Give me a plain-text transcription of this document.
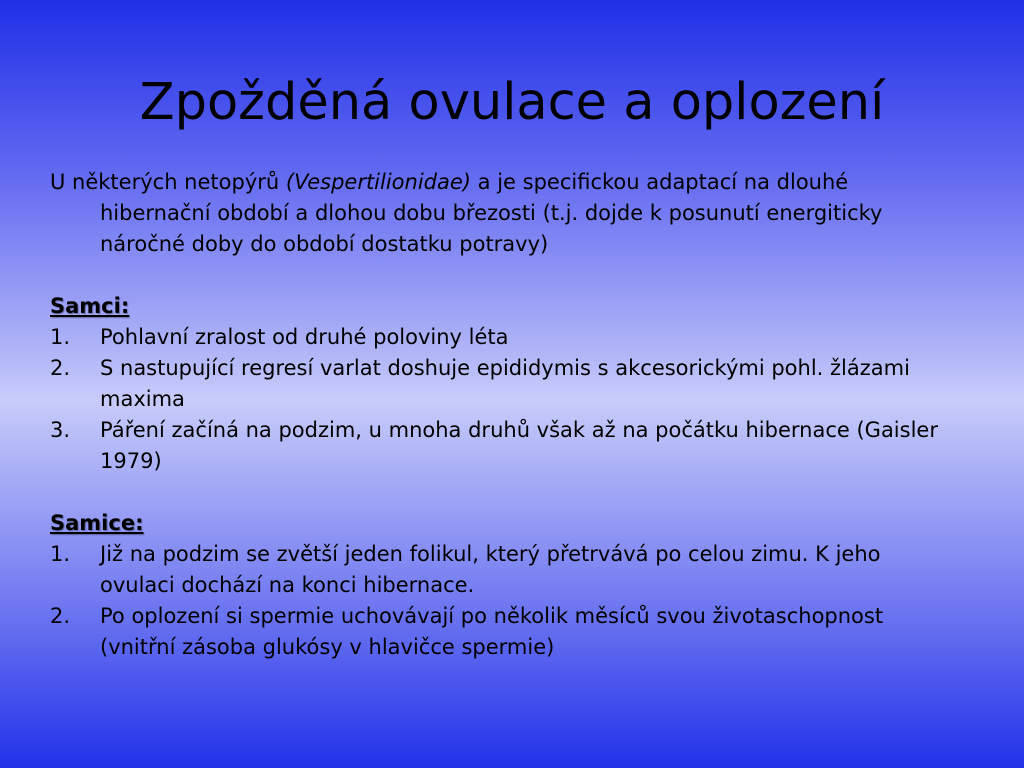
Zpožděná ovulace a oplození

U některých netopýrů (Vespertilionidae) a je specifickou adaptací na dlouhé hibernační období a dlohou dobu březosti (t.j. dojde k posunutí energiticky náročné doby do období dostatku potravy)

Samci:

1. Pohlavní zralost od druhé poloviny léta
2. S nastupující regresí varlat doshuje epididymis s akcesorickými pohl. žlázami maxima
3. Páření začíná na podzim, u mnoha druhů však až na počátku hibernace (Gaisler 1979)

Samice:

1. Již na podzim se zvětší jeden folikul, který přetrvává po celou zimu. K jeho ovulaci dochází na konci hibernace.
2. Po oplození si spermie uchovávají po několik měsíců svou životaschopnost (vnitřní zásoba glukósy v hlavičce spermie)
